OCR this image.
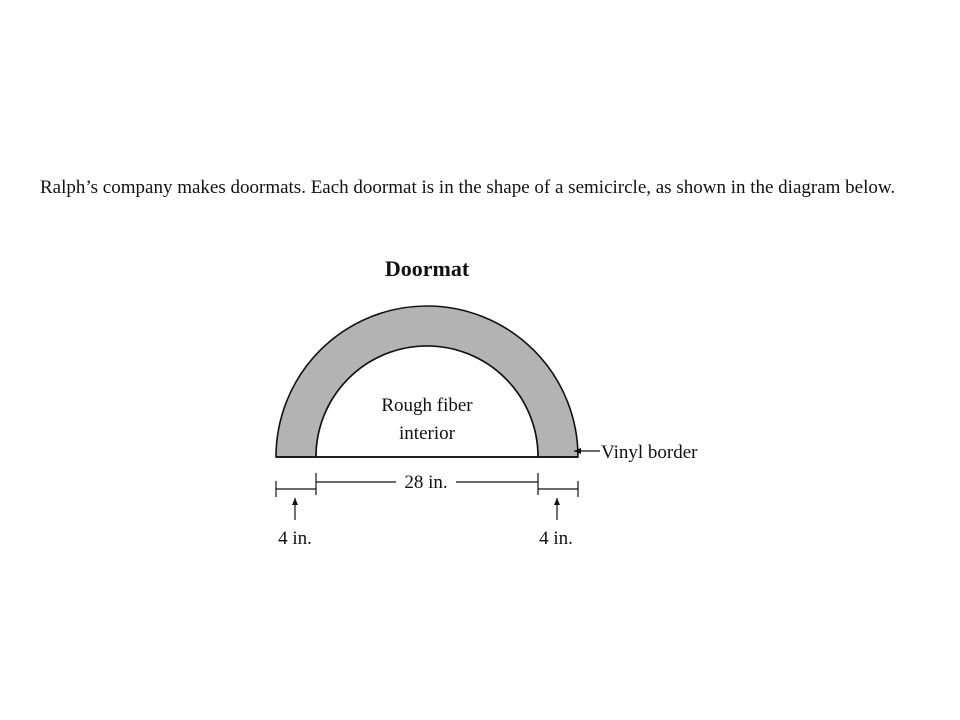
Ralph’s company makes doormats. Each doormat is in the shape of a semicircle, as shown in the diagram below.

Doormat
Rough fiber
interior
Vinyl border
28 in.
4 in.	4 in.
